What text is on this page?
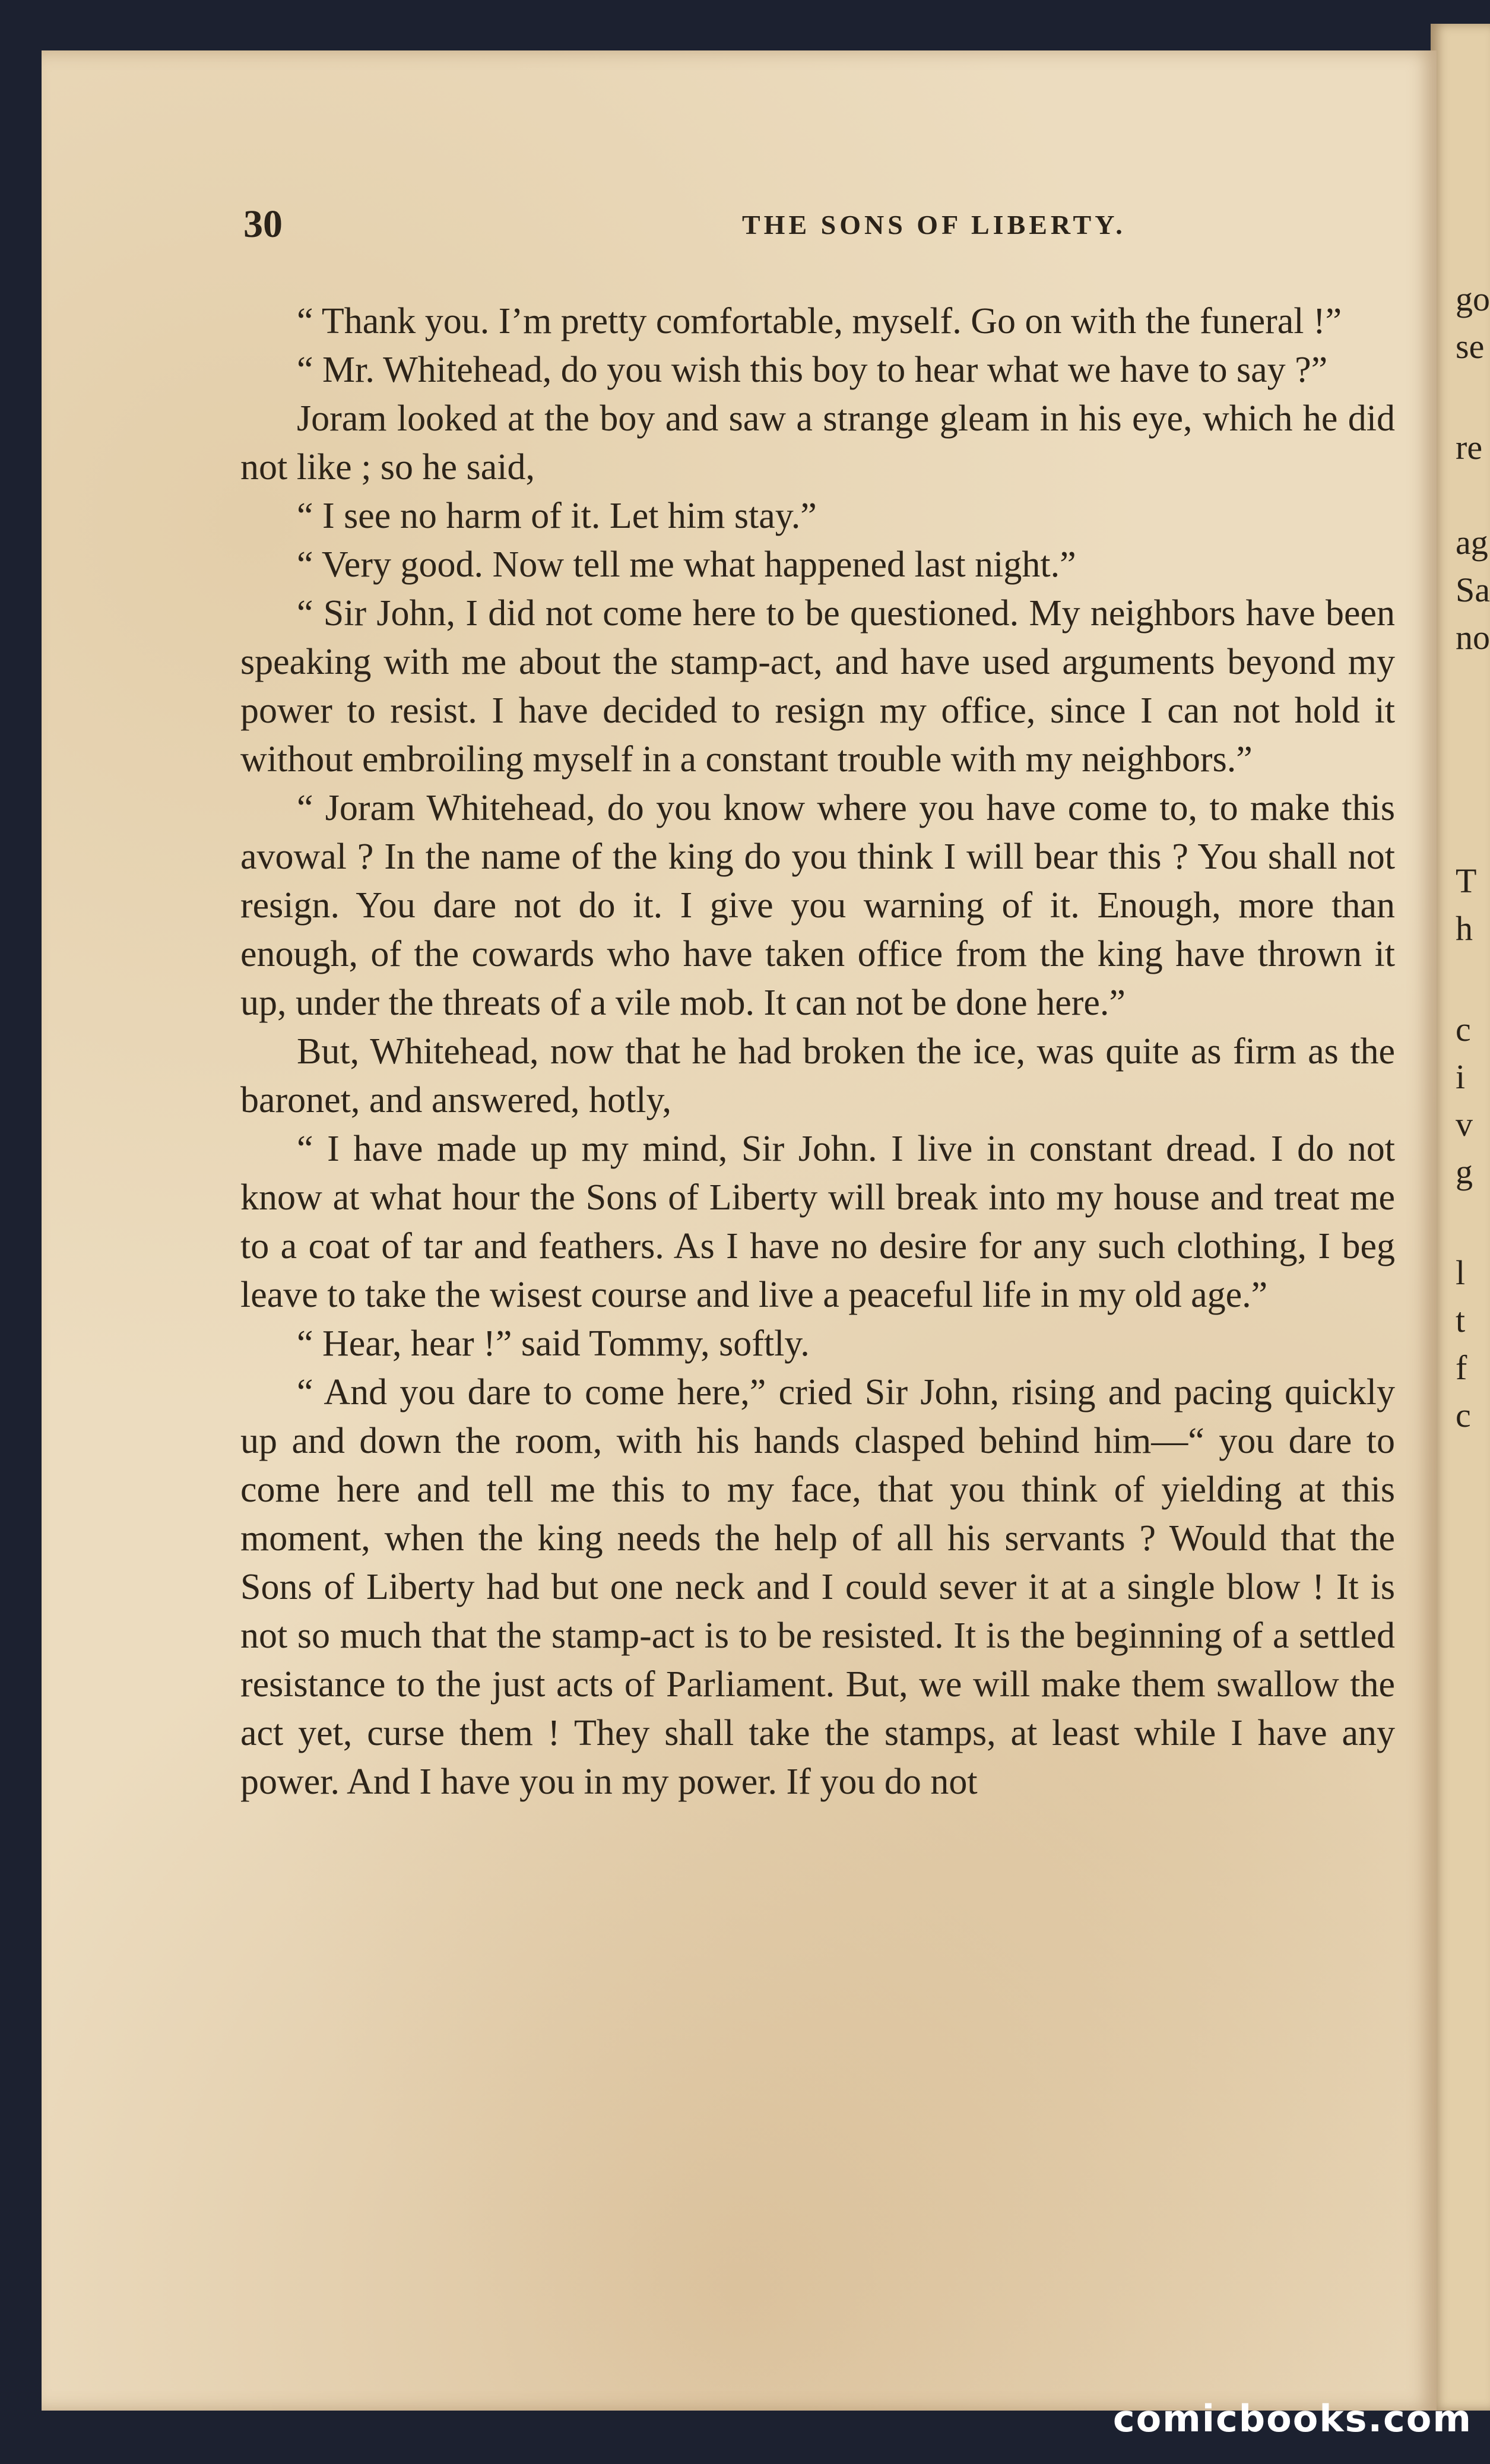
go
se
re
ag
Sa
no
T
h
c
i
v
g
l
t
f
c
30	THE SONS OF LIBERTY.

“ Thank you. I’m pretty comfortable, myself. Go on with the funeral !”

“ Mr. Whitehead, do you wish this boy to hear what we have to say ?”

Joram looked at the boy and saw a strange gleam in his eye, which he did not like ; so he said,

“ I see no harm of it. Let him stay.”

“ Very good. Now tell me what happened last night.”

“ Sir John, I did not come here to be questioned. My neighbors have been speaking with me about the stamp-act, and have used arguments beyond my power to resist. I have decided to resign my office, since I can not hold it without embroiling myself in a constant trouble with my neighbors.”

“ Joram Whitehead, do you know where you have come to, to make this avowal ? In the name of the king do you think I will bear this ? You shall not resign. You dare not do it. I give you warning of it. Enough, more than enough, of the cowards who have taken office from the king have thrown it up, under the threats of a vile mob. It can not be done here.”

But, Whitehead, now that he had broken the ice, was quite as firm as the baronet, and answered, hotly,

“ I have made up my mind, Sir John. I live in constant dread. I do not know at what hour the Sons of Liberty will break into my house and treat me to a coat of tar and feathers. As I have no desire for any such clothing, I beg leave to take the wisest course and live a peaceful life in my old age.”

“ Hear, hear !” said Tommy, softly.

“ And you dare to come here,” cried Sir John, rising and pacing quickly up and down the room, with his hands clasped behind him—“ you dare to come here and tell me this to my face, that you think of yielding at this moment, when the king needs the help of all his servants ? Would that the Sons of Liberty had but one neck and I could sever it at a single blow ! It is not so much that the stamp-act is to be resisted. It is the beginning of a settled resistance to the just acts of Parliament. But, we will make them swallow the act yet, curse them ! They shall take the stamps, at least while I have any power. And I have you in my power. If you do not

comicbooks.com
